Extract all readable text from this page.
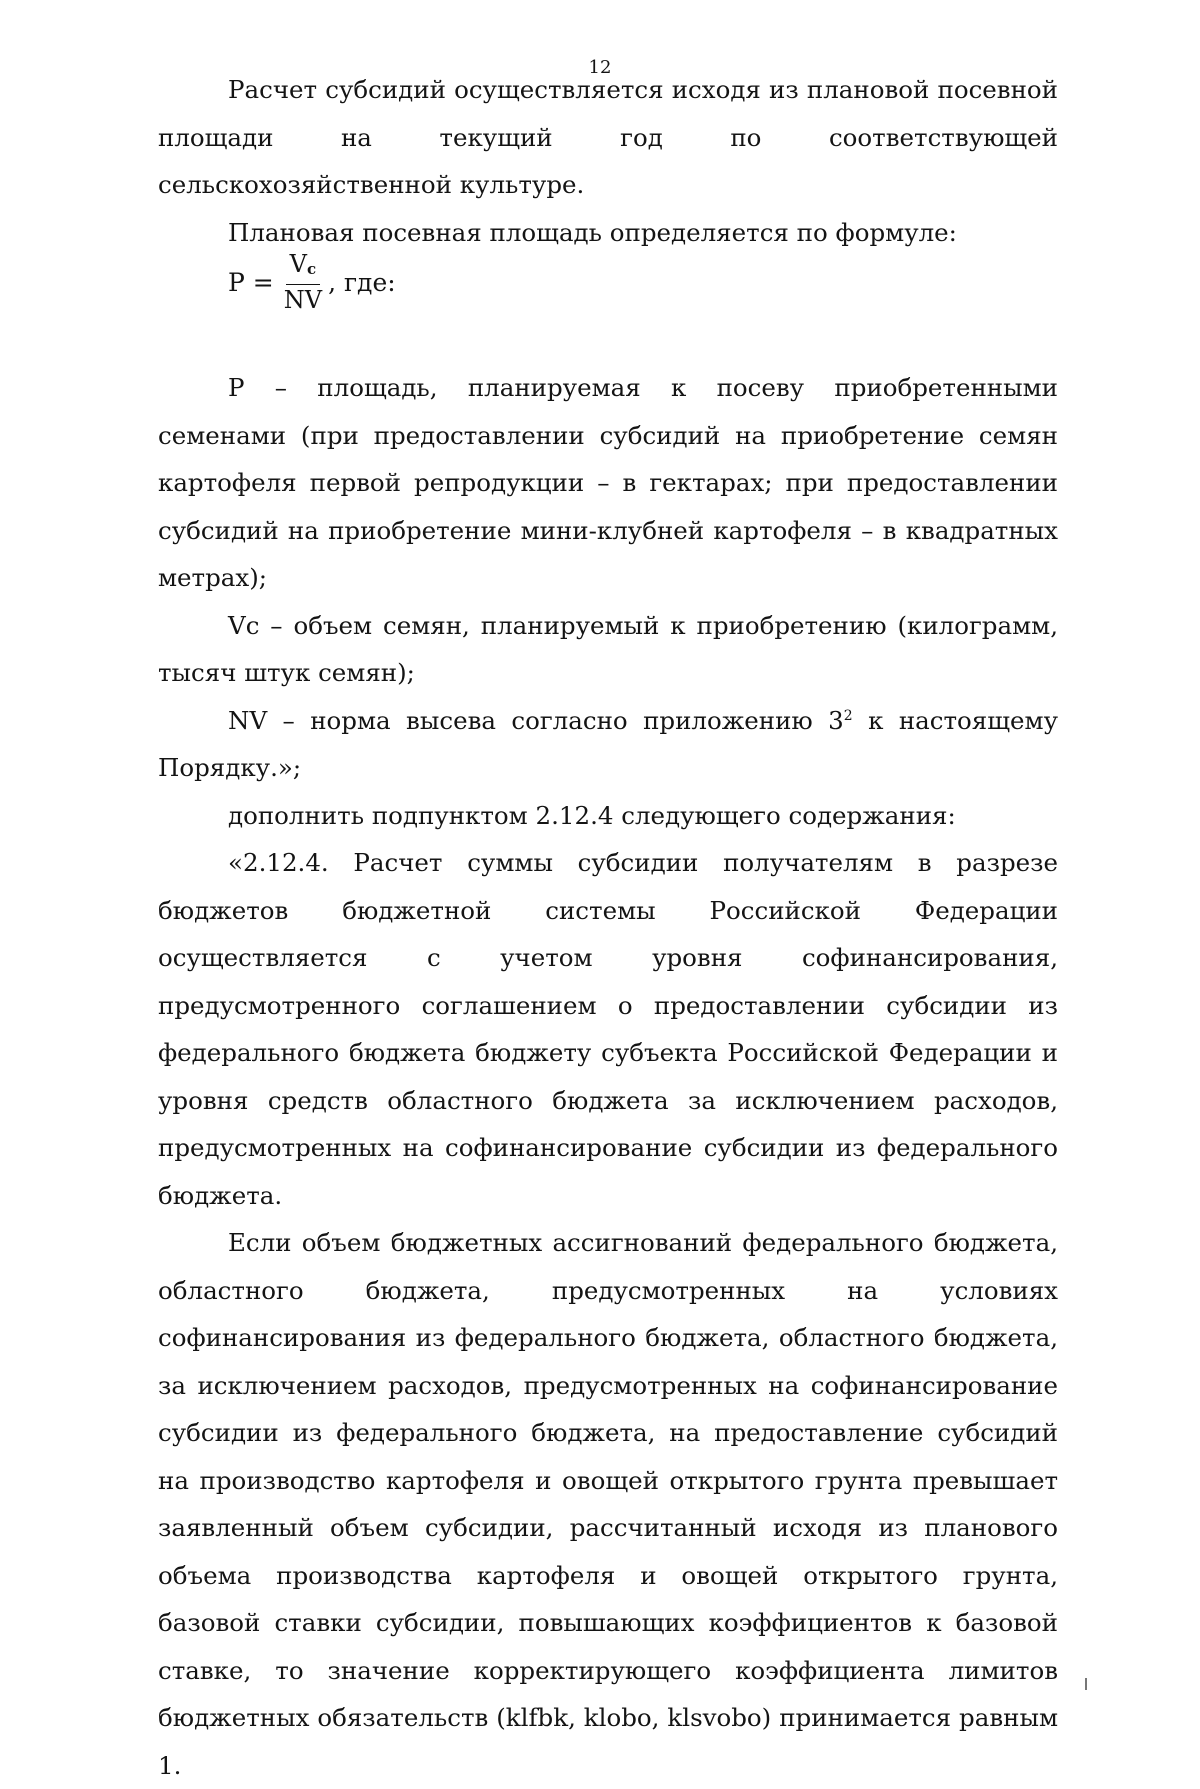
12

Расчет субсидий осуществляется исходя из плановой посевной площади на текущий год по соответствующей сельскохозяйственной культуре.

Плановая посевная площадь определяется по формуле:

$P = \frac{V_c}{NV}$ , где:

P – площадь, планируемая к посеву приобретенными семенами (при предоставлении субсидий на приобретение семян картофеля первой репродукции – в гектарах; при предоставлении субсидий на приобретение мини-клубней картофеля – в квадратных метрах);

Vc – объем семян, планируемый к приобретению (килограмм, тысяч штук семян);

NV – норма высева согласно приложению $3^2$ к настоящему Порядку.»;

дополнить подпунктом 2.12.4 следующего содержания:

«2.12.4. Расчет суммы субсидии получателям в разрезе бюджетов бюджетной системы Российской Федерации осуществляется с учетом уровня софинансирования, предусмотренного соглашением о предоставлении субсидии из федерального бюджета бюджету субъекта Российской Федерации и уровня средств областного бюджета за исключением расходов, предусмотренных на софинансирование субсидии из федерального бюджета.

Если объем бюджетных ассигнований федерального бюджета, областного бюджета, предусмотренных на условиях софинансирования из федерального бюджета, областного бюджета, за исключением расходов, предусмотренных на софинансирование субсидии из федерального бюджета, на предоставление субсидий на производство картофеля и овощей открытого грунта превышает заявленный объем субсидии, рассчитанный исходя из планового объема производства картофеля и овощей открытого грунта, базовой ставки субсидии, повышающих коэффициентов к базовой ставке, то значение корректирующего коэффициента лимитов бюджетных обязательств (klfbk, klobo, klsvobo) принимается равным 1.
